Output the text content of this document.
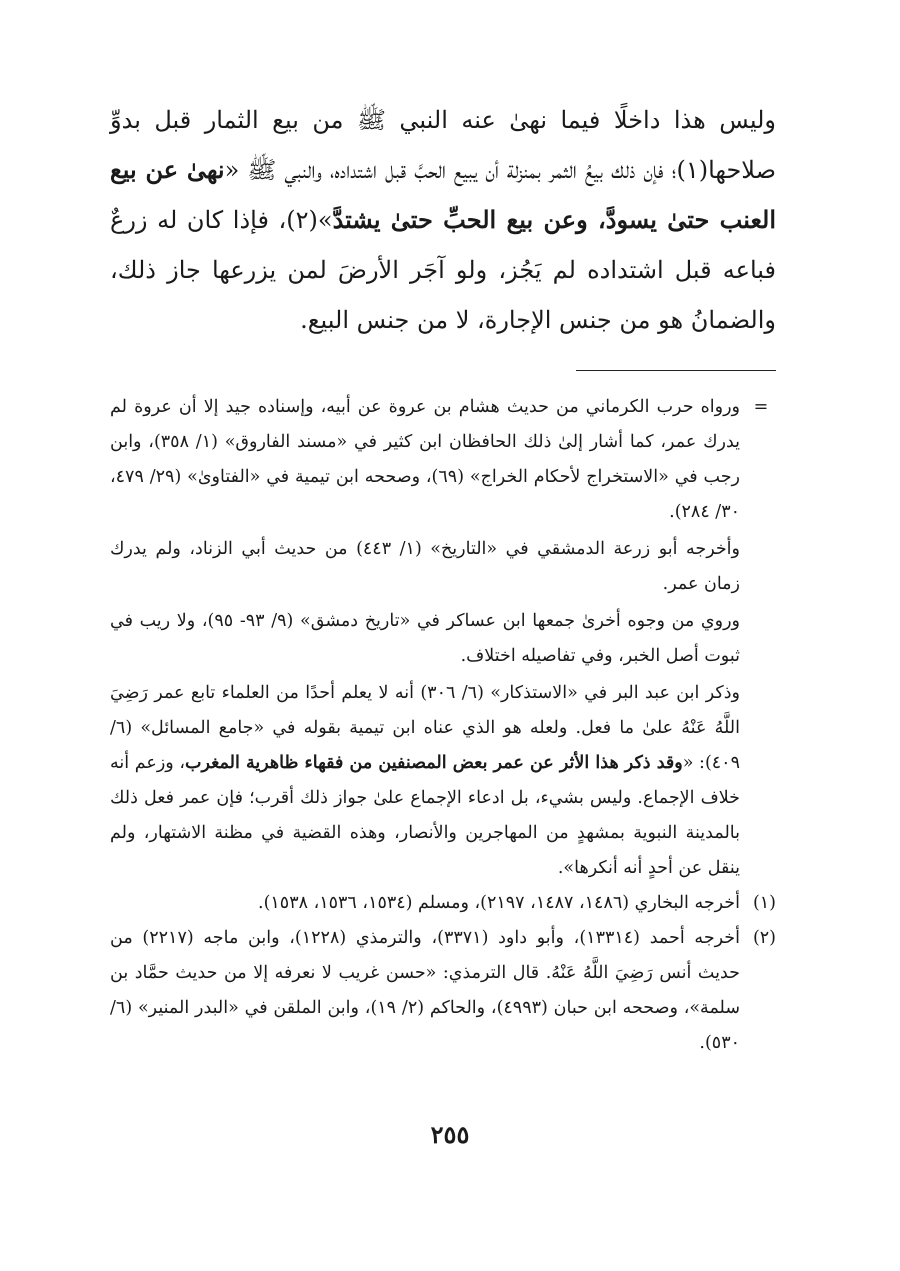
وليس هذا داخلًا فيما نهىٰ عنه النبي ﷺ من بيع الثمار قبل بدوِّ صلاحها(١)؛ فإن ذلك بيعُ الثمر بمنزلة أن يبيع الحبَّ قبل اشتداده، والنبي ﷺ «نهىٰ عن بيع العنب حتىٰ يسودَّ، وعن بيع الحبِّ حتىٰ يشتدَّ»(٢)، فإذا كان له زرعٌ فباعه قبل اشتداده لم يَجُز، ولو آجَر الأرضَ لمن يزرعها جاز ذلك، والضمانُ هو من جنس الإجارة، لا من جنس البيع.

=
ورواه حرب الكرماني من حديث هشام بن عروة عن أبيه، وإسناده جيد إلا أن عروة لم يدرك عمر، كما أشار إلىٰ ذلك الحافظان ابن كثير في «مسند الفاروق» (١/ ٣٥٨)، وابن رجب في «الاستخراج لأحكام الخراج» (٦٩)، وصححه ابن تيمية في «الفتاوىٰ» (٢٩/ ٤٧٩، ٣٠/ ٢٨٤).

وأخرجه أبو زرعة الدمشقي في «التاريخ» (١/ ٤٤٣) من حديث أبي الزناد، ولم يدرك زمان عمر.

وروي من وجوه أخرىٰ جمعها ابن عساكر في «تاريخ دمشق» (٩/ ٩٣- ٩٥)، ولا ريب في ثبوت أصل الخبر، وفي تفاصيله اختلاف.

وذكر ابن عبد البر في «الاستذكار» (٦/ ٣٠٦) أنه لا يعلم أحدًا من العلماء تابع عمر رَضِيَ اللَّهُ عَنْهُ علىٰ ما فعل. ولعله هو الذي عناه ابن تيمية بقوله في «جامع المسائل» (٦/ ٤٠٩): «وقد ذكر هذا الأثر عن عمر بعض المصنفين من فقهاء ظاهرية المغرب، وزعم أنه خلاف الإجماع. وليس بشيء، بل ادعاء الإجماع علىٰ جواز ذلك أقرب؛ فإن عمر فعل ذلك بالمدينة النبوية بمشهدٍ من المهاجرين والأنصار، وهذه القضية في مظنة الاشتهار، ولم ينقل عن أحدٍ أنه أنكرها».

(١)
أخرجه البخاري (١٤٨٦، ١٤٨٧، ٢١٩٧)، ومسلم (١٥٣٤، ١٥٣٦، ١٥٣٨).

(٢)
أخرجه أحمد (١٣٣١٤)، وأبو داود (٣٣٧١)، والترمذي (١٢٢٨)، وابن ماجه (٢٢١٧) من حديث أنس رَضِيَ اللَّهُ عَنْهُ. قال الترمذي: «حسن غريب لا نعرفه إلا من حديث حمَّاد بن سلمة»، وصححه ابن حبان (٤٩٩٣)، والحاكم (٢/ ١٩)، وابن الملقن في «البدر المنير» (٦/ ٥٣٠).

٢٥٥
